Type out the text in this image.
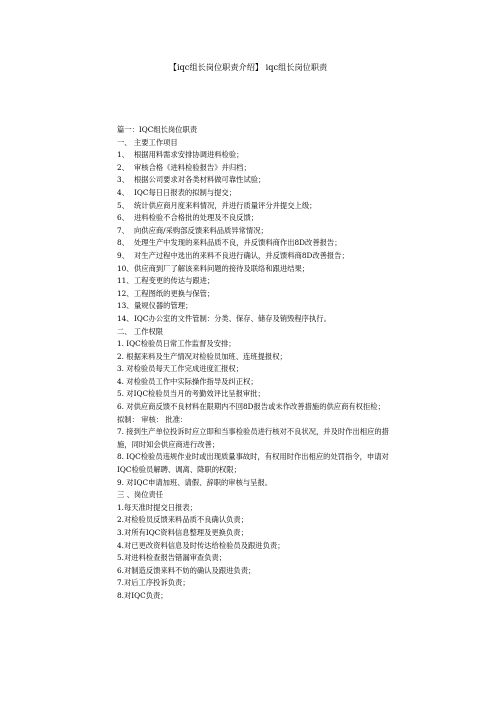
【iqc组长岗位职责介绍】 iqc组长岗位职责
篇一：IQC组长岗位职责
一、 主要工作项目
1、 根据用料需求安排协调进料检验；
2、 审核合格《进料检验报告》并归档；
3、 根据公司要求对各类材料做可靠性试验；
4、 IQC每日日报表的拟制与提交；
5、 统计供应商月度来料情况，并进行质量评分并提交上级；
6、 进料检验不合格批的处理及不良反馈；
7、 向供应商/采购部反馈来料品质异常情况；
8、 处理生产中发现的来料品质不良，并反馈料商作出8D改善报告；
9、 对生产过程中选出的来料不良进行确认，并反馈料商8D改善报告；
10、供应商到厂了解该来料问题的接待及联络和跟进结果；
11、工程变更的传达与跟进；
12、工程图纸的更换与保管；
13、量规仪器的管理；
14、IQC办公室的文件管制：分类、保存、储存及销毁程序执行。
二、 工作权限
1. IQC检验员日常工作监督及安排；
2. 根据来料及生产情况对检验员加班、连班提报权；
3. 对检验员每天工作完成进度汇报权；
4. 对检验员工作中实际操作指导及纠正权；
5. 对IQC检验员当月的考勤效评比呈报审批；
6. 对供应商反馈不良材料在限期内不回8D报告或未作改善措施的供应商有权拒检；
拟制： 审核： 批准：
7. 接到生产单位投诉时应立即和当事检验员进行核对不良状况，并及时作出相应的措
施，同时知会供应商进行改善；
8. IQC检验员违规作业时或出现质量事故时，有权用时作出相应的处罚指令，申请对
IQC检验员解聘、调离、降职的权限；
9. 对IQC申请加班、请假、辞职的审核与呈报。
三 、岗位责任
1.每天准时提交日报表；
2.对检验员反馈来料品质不良确认负责；
3.对所有IQC资料信息整理及更换负责；
4.对已更改资料信息及时传达给检验员及跟进负责；
5.对进料检查报告错漏审查负责；
6.对制造反馈来料不妨的确认及跟进负责；
7.对后工序投诉负责；
8.对IQC负责；
